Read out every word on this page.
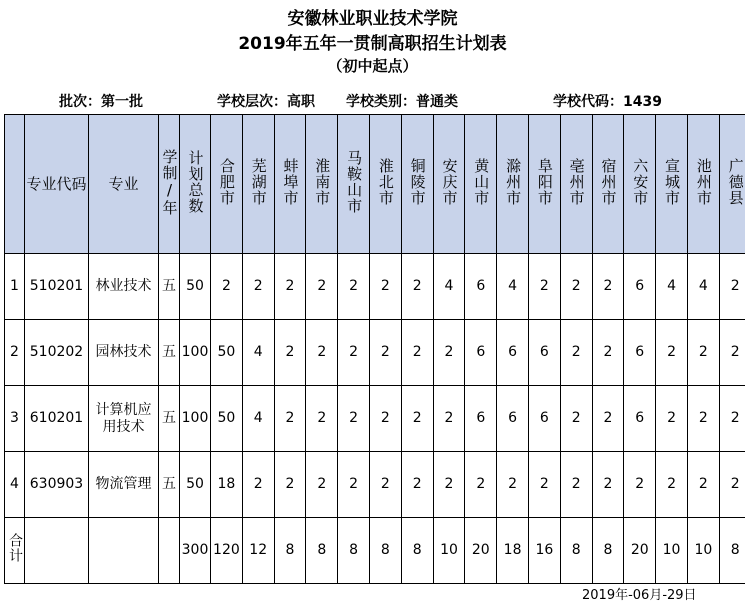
安徽林业职业技术学院
2019年五年一贯制高职招生计划表
（初中起点）
批次：第一批	学校层次：高职 学校类别：普通类	学校代码：1439
	专业代码	专业	学制/年	计划总数	合肥市	芜湖市	蚌埠市	淮南市	马鞍山市	淮北市	铜陵市	安庆市	黄山市	滁州市	阜阳市	亳州市	宿州市	六安市	宣城市	池州市	广德县
1	510201	林业技术	五	50	2	2	2	2	2	2	2	4	6	4	2	2	2	6	4	4	2
2	510202	园林技术	五	100	50	4	2	2	2	2	2	2	6	6	6	2	2	6	2	2	2
3	610201	计算机应用技术	五	100	50	4	2	2	2	2	2	2	6	6	6	2	2	6	2	2	2
4	630903	物流管理	五	50	18	2	2	2	2	2	2	2	2	2	2	2	2	2	2	2	2
合计				300	120	12	8	8	8	8	8	10	20	18	16	8	8	20	10	10	8
2019年-06月-29日
